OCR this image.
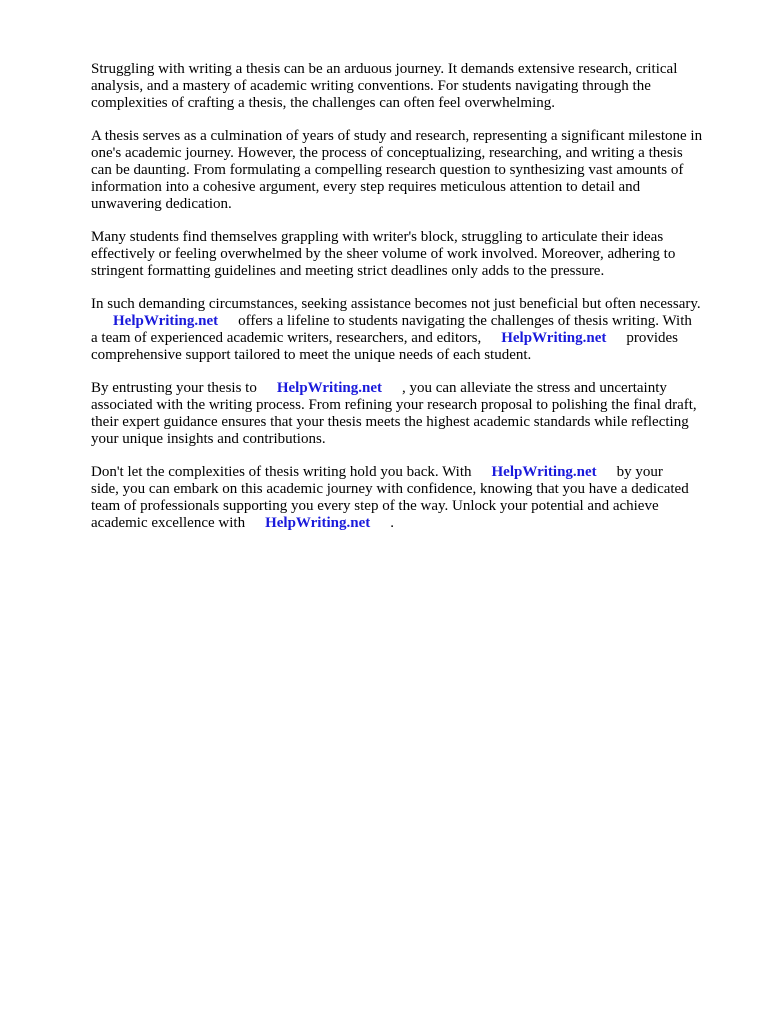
Struggling with writing a thesis can be an arduous journey. It demands extensive research, critical
analysis, and a mastery of academic writing conventions. For students navigating through the
complexities of crafting a thesis, the challenges can often feel overwhelming.

A thesis serves as a culmination of years of study and research, representing a significant milestone in
one's academic journey. However, the process of conceptualizing, researching, and writing a thesis
can be daunting. From formulating a compelling research question to synthesizing vast amounts of
information into a cohesive argument, every step requires meticulous attention to detail and
unwavering dedication.

Many students find themselves grappling with writer's block, struggling to articulate their ideas
effectively or feeling overwhelmed by the sheer volume of work involved. Moreover, adhering to
stringent formatting guidelines and meeting strict deadlines only adds to the pressure.

In such demanding circumstances, seeking assistance becomes not just beneficial but often necessary.
HelpWriting.net offers a lifeline to students navigating the challenges of thesis writing. With
a team of experienced academic writers, researchers, and editors, HelpWriting.net provides
comprehensive support tailored to meet the unique needs of each student.

By entrusting your thesis to HelpWriting.net , you can alleviate the stress and uncertainty
associated with the writing process. From refining your research proposal to polishing the final draft,
their expert guidance ensures that your thesis meets the highest academic standards while reflecting
your unique insights and contributions.

Don't let the complexities of thesis writing hold you back. With HelpWriting.net by your
side, you can embark on this academic journey with confidence, knowing that you have a dedicated
team of professionals supporting you every step of the way. Unlock your potential and achieve
academic excellence with HelpWriting.net .
